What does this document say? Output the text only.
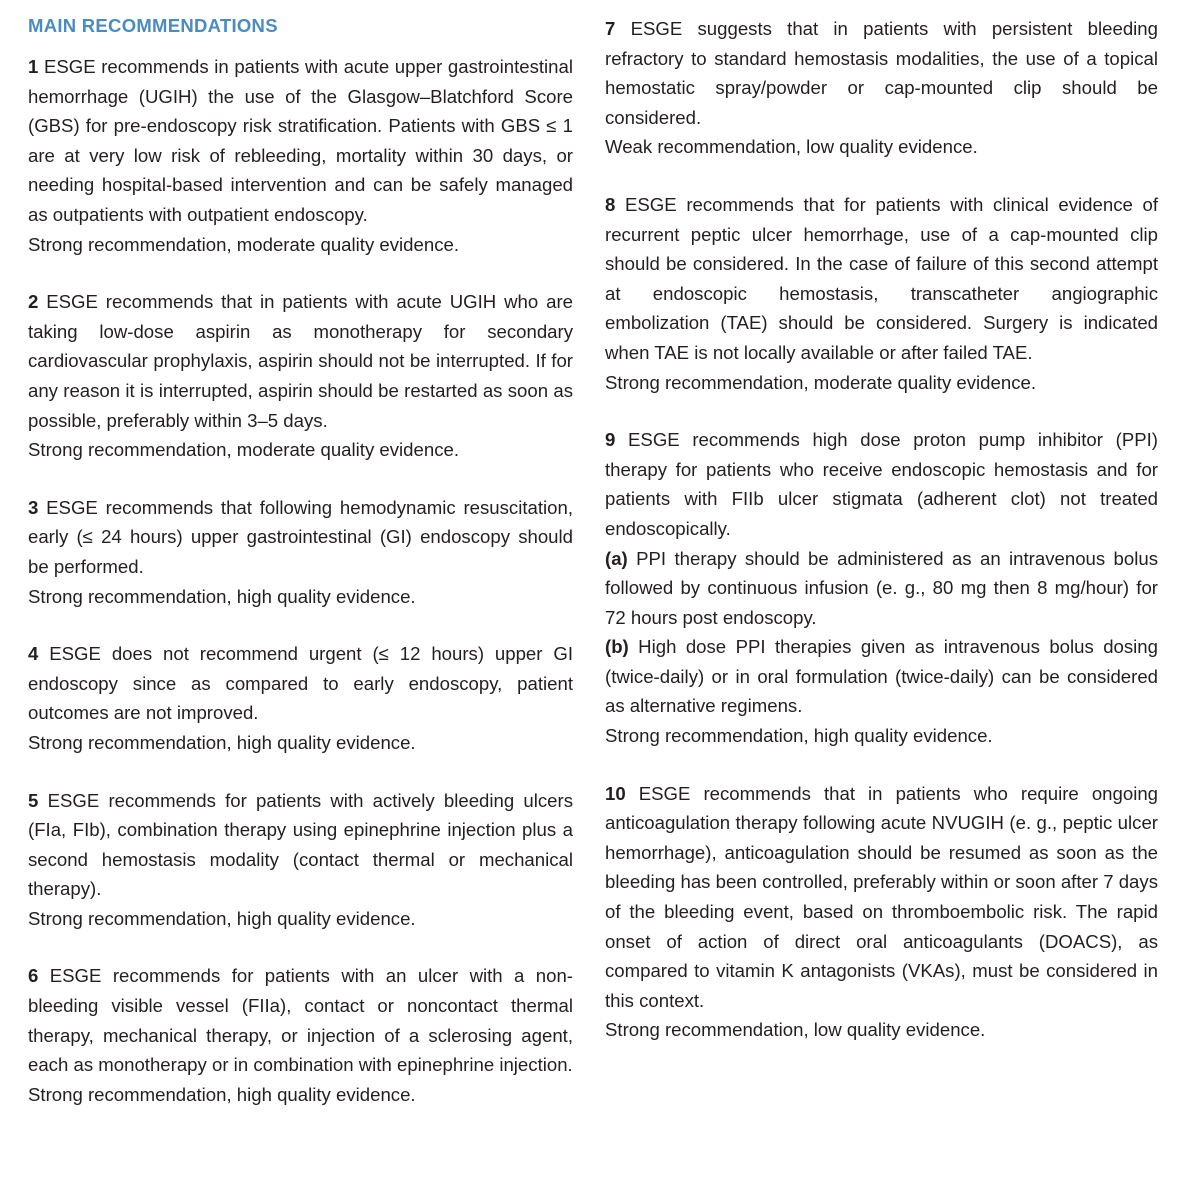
MAIN RECOMMENDATIONS
1 ESGE recommends in patients with acute upper gastrointestinal hemorrhage (UGIH) the use of the Glasgow–Blatchford Score (GBS) for pre-endoscopy risk stratification. Patients with GBS ≤ 1 are at very low risk of rebleeding, mortality within 30 days, or needing hospital-based intervention and can be safely managed as outpatients with outpatient endoscopy.
Strong recommendation, moderate quality evidence.
2 ESGE recommends that in patients with acute UGIH who are taking low-dose aspirin as monotherapy for secondary cardiovascular prophylaxis, aspirin should not be interrupted. If for any reason it is interrupted, aspirin should be restarted as soon as possible, preferably within 3–5 days.
Strong recommendation, moderate quality evidence.
3 ESGE recommends that following hemodynamic resuscitation, early (≤ 24 hours) upper gastrointestinal (GI) endoscopy should be performed.
Strong recommendation, high quality evidence.
4 ESGE does not recommend urgent (≤ 12 hours) upper GI endoscopy since as compared to early endoscopy, patient outcomes are not improved.
Strong recommendation, high quality evidence.
5 ESGE recommends for patients with actively bleeding ulcers (FIa, FIb), combination therapy using epinephrine injection plus a second hemostasis modality (contact thermal or mechanical therapy).
Strong recommendation, high quality evidence.
6 ESGE recommends for patients with an ulcer with a non-bleeding visible vessel (FIIa), contact or noncontact thermal therapy, mechanical therapy, or injection of a sclerosing agent, each as monotherapy or in combination with epinephrine injection.
Strong recommendation, high quality evidence.
7 ESGE suggests that in patients with persistent bleeding refractory to standard hemostasis modalities, the use of a topical hemostatic spray/powder or cap-mounted clip should be considered.
Weak recommendation, low quality evidence.
8 ESGE recommends that for patients with clinical evidence of recurrent peptic ulcer hemorrhage, use of a cap-mounted clip should be considered. In the case of failure of this second attempt at endoscopic hemostasis, transcatheter angiographic embolization (TAE) should be considered. Surgery is indicated when TAE is not locally available or after failed TAE.
Strong recommendation, moderate quality evidence.
9 ESGE recommends high dose proton pump inhibitor (PPI) therapy for patients who receive endoscopic hemostasis and for patients with FIIb ulcer stigmata (adherent clot) not treated endoscopically.
(a) PPI therapy should be administered as an intravenous bolus followed by continuous infusion (e. g., 80 mg then 8 mg/hour) for 72 hours post endoscopy.
(b) High dose PPI therapies given as intravenous bolus dosing (twice-daily) or in oral formulation (twice-daily) can be considered as alternative regimens.
Strong recommendation, high quality evidence.
10 ESGE recommends that in patients who require ongoing anticoagulation therapy following acute NVUGIH (e. g., peptic ulcer hemorrhage), anticoagulation should be resumed as soon as the bleeding has been controlled, preferably within or soon after 7 days of the bleeding event, based on thromboembolic risk. The rapid onset of action of direct oral anticoagulants (DOACS), as compared to vitamin K antagonists (VKAs), must be considered in this context.
Strong recommendation, low quality evidence.
